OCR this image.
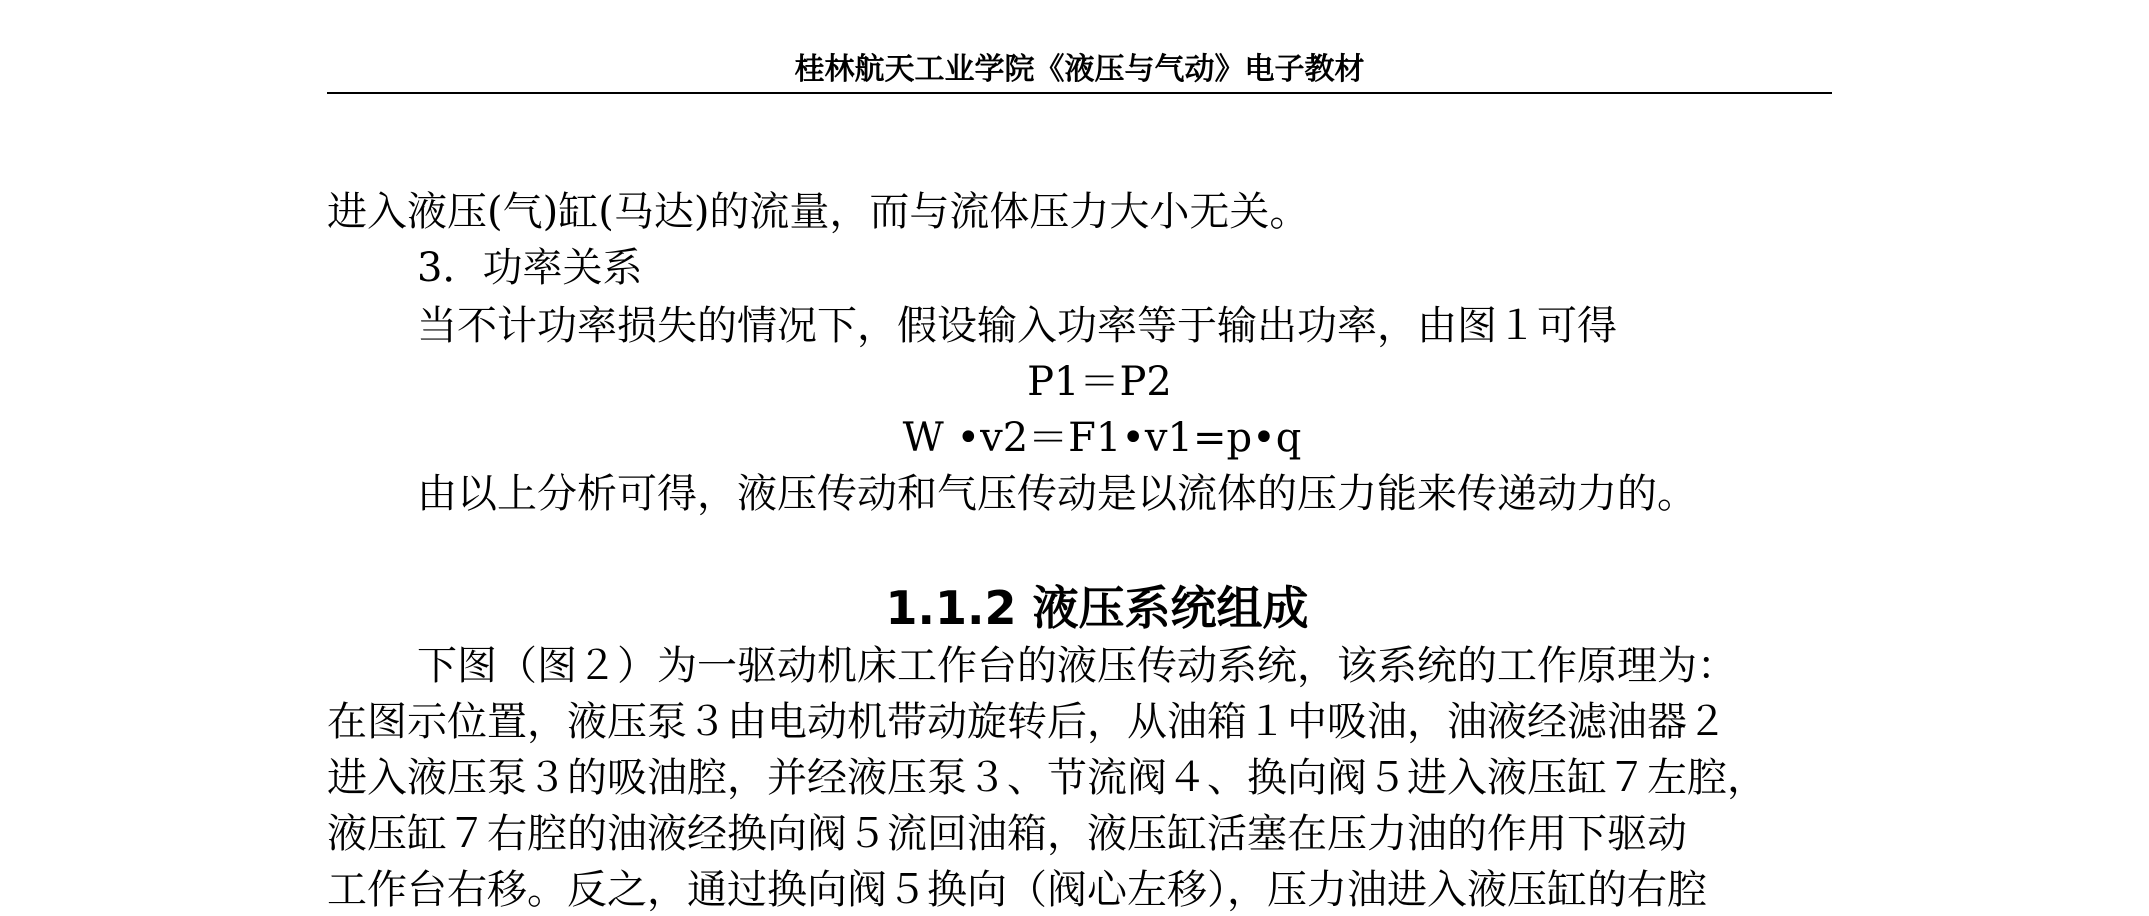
桂林航天工业学院《液压与气动》电子教材
进入液压(气)缸(马达)的流量，而与流体压力大小无关。
3．功率关系
当不计功率损失的情况下，假设输入功率等于输出功率，由图１可得
P1＝P2
W •v2＝F1•v1=p•q
由以上分析可得，液压传动和气压传动是以流体的压力能来传递动力的。
1.1.2 液压系统组成
下图（图２）为一驱动机床工作台的液压传动系统，该系统的工作原理为：
在图示位置，液压泵３由电动机带动旋转后，从油箱１中吸油，油液经滤油器２
进入液压泵３的吸油腔，并经液压泵３、节流阀４、换向阀５进入液压缸７左腔，
液压缸７右腔的油液经换向阀５流回油箱，液压缸活塞在压力油的作用下驱动
工作台右移。反之，通过换向阀５换向（阀心左移），压力油进入液压缸的右腔
